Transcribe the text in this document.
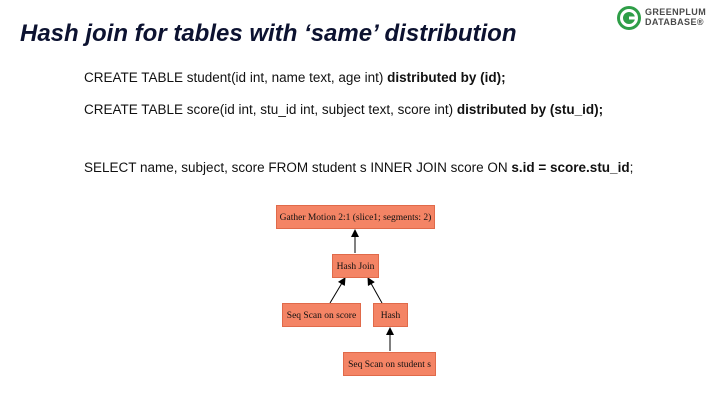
Hash join for tables with ‘same’ distribution
GREENPLUM
DATABASE®
CREATE TABLE student(id int, name text, age int) distributed by (id);
CREATE TABLE score(id int, stu_id int, subject text, score int) distributed by (stu_id);
SELECT name, subject, score FROM student s INNER JOIN score ON s.id = score.stu_id;
Gather Motion 2:1 (slice1; segments: 2)
Hash Join
Seq Scan on score	Hash
Seq Scan on student s
